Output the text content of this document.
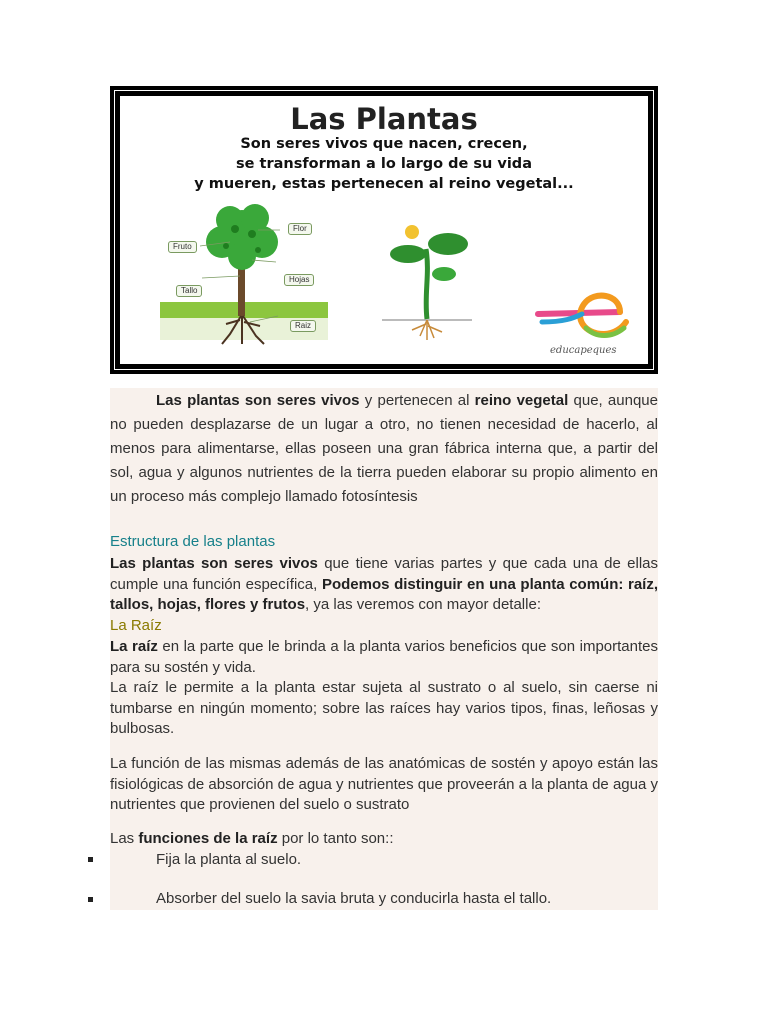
Las Plantas
Son seres vivos que nacen, crecen,
se transforman a lo largo de su vida
y mueren, estas pertenecen al reino vegetal...
Fruto
Flor
Hojas
Tallo
Raiz
educapeques
Las plantas son seres vivos y pertenecen al reino vegetal que, aunque no pueden desplazarse de un lugar a otro, no tienen necesidad de hacerlo, al menos para alimentarse, ellas poseen una gran fábrica interna que, a partir del sol, agua y algunos nutrientes de la tierra pueden elaborar su propio alimento en un proceso más complejo llamado fotosíntesis
Estructura de las plantas
Las plantas son seres vivos que tiene varias partes y que cada una de ellas cumple una función específica, Podemos distinguir en una planta común: raíz, tallos, hojas, flores y frutos, ya las veremos con mayor detalle:
La Raíz
La raíz en la parte que le brinda a la planta varios beneficios que son importantes para su sostén y vida.
La raíz le permite a la planta estar sujeta al sustrato o al suelo, sin caerse ni tumbarse en ningún momento; sobre las raíces hay varios tipos, finas, leñosas y bulbosas.
La función de las mismas además de las anatómicas de sostén y apoyo están las fisiológicas de absorción de agua y nutrientes que proveerán a la planta de agua y nutrientes que provienen del suelo o sustrato
Las funciones de la raíz por lo tanto son::
Fija la planta al suelo.
Absorber del suelo la savia bruta y conducirla hasta el tallo.
